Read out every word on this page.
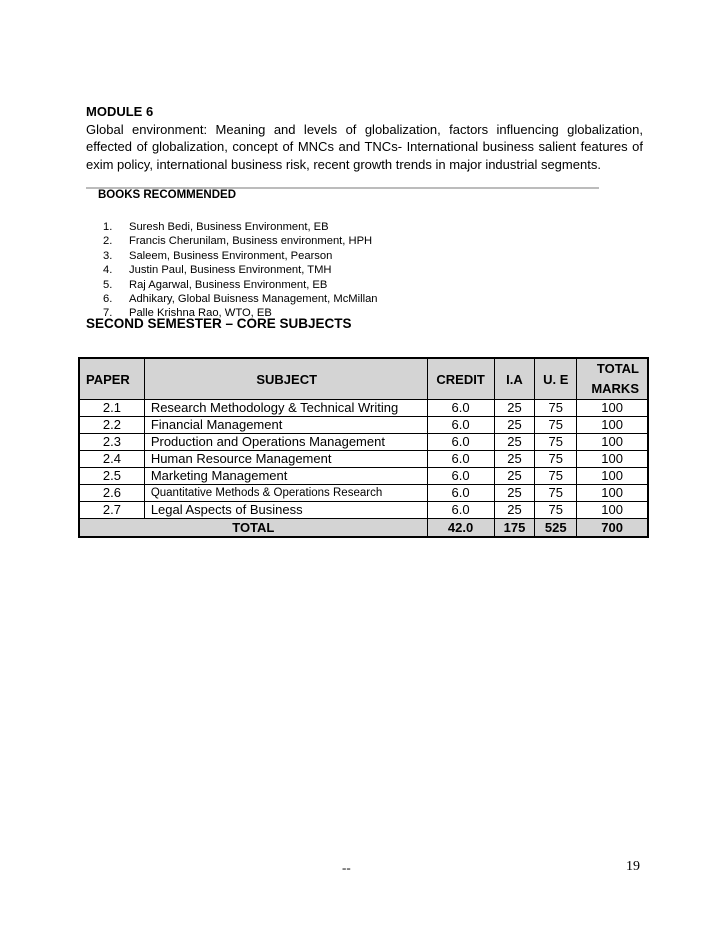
MODULE 6
Global environment: Meaning and levels of globalization, factors influencing globalization, effected of globalization, concept of MNCs and TNCs- International business salient features of exim policy, international business risk, recent growth trends in major industrial segments.
BOOKS RECOMMENDED
1.	Suresh Bedi, Business Environment, EB
2.	Francis Cherunilam, Business environment, HPH
3.	Saleem, Business Environment, Pearson
4.	Justin Paul, Business Environment, TMH
5.	Raj Agarwal, Business Environment, EB
6.	Adhikary, Global Buisness Management, McMillan
7.	Palle Krishna Rao, WTO, EB
SECOND SEMESTER – CORE SUBJECTS
PAPER	SUBJECT	CREDIT	I.A	U. E	TOTAL
MARKS
2.1	Research Methodology & Technical Writing	6.0	25	75	100
2.2	Financial Management	6.0	25	75	100
2.3	Production and Operations Management	6.0	25	75	100
2.4	Human Resource Management	6.0	25	75	100
2.5	Marketing Management	6.0	25	75	100
2.6	Quantitative Methods & Operations Research	6.0	25	75	100
2.7	Legal Aspects of Business	6.0	25	75	100
TOTAL		42.0	175	525	700
--	19
